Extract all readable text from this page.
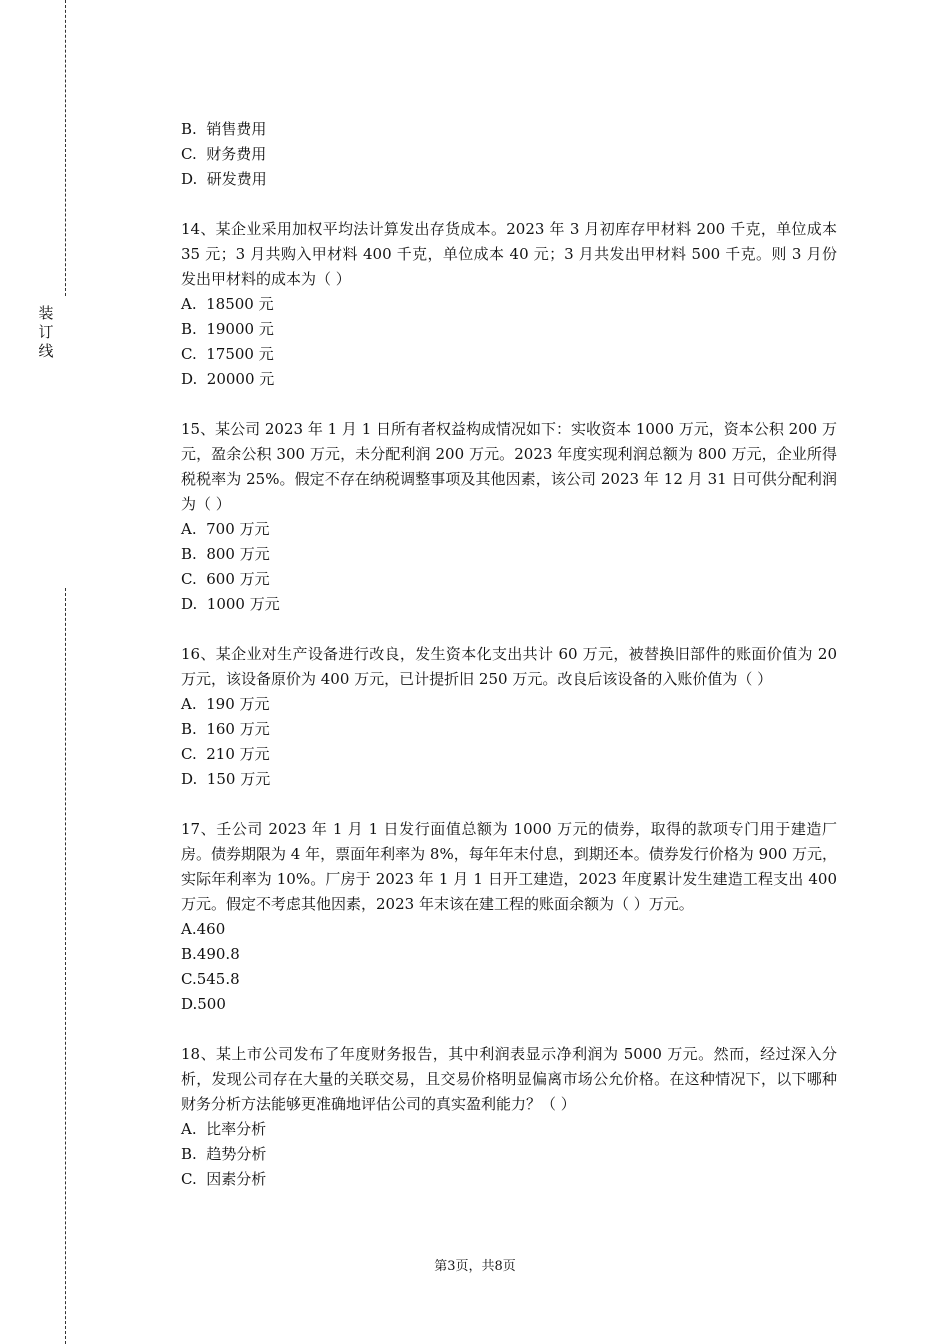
装
订
线

B.  销售费用

C.  财务费用

D.  研发费用

14、某企业采用加权平均法计算发出存货成本。2023 年 3 月初库存甲材料 200 千克，单位成本 35 元；3 月共购入甲材料 400 千克，单位成本 40 元；3 月共发出甲材料 500 千克。则 3 月份发出甲材料的成本为（ ）

A.  18500 元

B.  19000 元

C.  17500 元

D.  20000 元

15、某公司 2023 年 1 月 1 日所有者权益构成情况如下：实收资本 1000 万元，资本公积 200 万元，盈余公积 300 万元，未分配利润 200 万元。2023 年度实现利润总额为 800 万元，企业所得税税率为 25%。假定不存在纳税调整事项及其他因素，该公司 2023 年 12 月 31 日可供分配利润为（ ）

A.  700 万元

B.  800 万元

C.  600 万元

D.  1000 万元

16、某企业对生产设备进行改良，发生资本化支出共计 60 万元，被替换旧部件的账面价值为 20 万元，该设备原价为 400 万元，已计提折旧 250 万元。改良后该设备的入账价值为（ ）

A.  190 万元

B.  160 万元

C.  210 万元

D.  150 万元

17、壬公司 2023 年 1 月 1 日发行面值总额为 1000 万元的债券，取得的款项专门用于建造厂房。债券期限为 4 年，票面年利率为 8%，每年年末付息，到期还本。债券发行价格为 900 万元，实际年利率为 10%。厂房于 2023 年 1 月 1 日开工建造，2023 年度累计发生建造工程支出 400 万元。假定不考虑其他因素，2023 年末该在建工程的账面余额为（ ）万元。

A.460

B.490.8

C.545.8

D.500

18、某上市公司发布了年度财务报告，其中利润表显示净利润为 5000 万元。然而，经过深入分析，发现公司存在大量的关联交易，且交易价格明显偏离市场公允价格。在这种情况下，以下哪种财务分析方法能够更准确地评估公司的真实盈利能力？（ ）

A.  比率分析

B.  趋势分析

C.  因素分析

第3页，共8页
